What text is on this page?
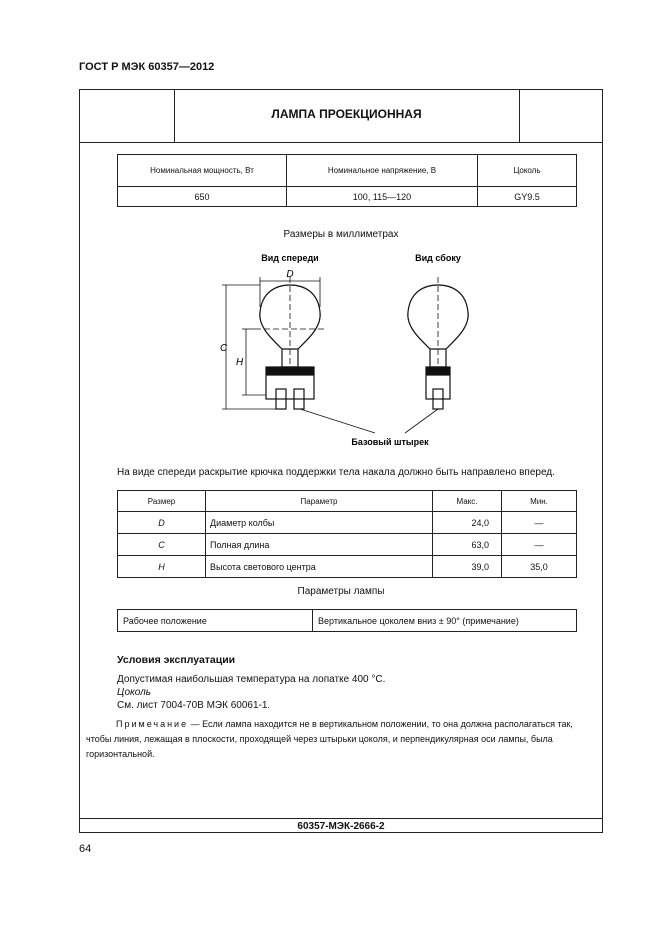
ГОСТ Р МЭК 60357—2012
ЛАМПА ПРОЕКЦИОННАЯ
Номинальная мощность, Вт	Номинальное напряжение, В	Цоколь
650	100, 115—120	GY9.5
Размеры в миллиметрах
Вид спереди	Вид сбоку
D
C
H
Базовый штырек
На виде спереди раскрытие крючка поддержки тела накала должно быть направлено вперед.
Размер	Параметр	Макс.	Мин.
D	Диаметр колбы	24,0	—
C	Полная длина	63,0	—
H	Высота светового центра	39,0	35,0
Параметры лампы
Рабочее положение	Вертикальное цоколем вниз ± 90° (примечание)
Условия эксплуатации
Допустимая наибольшая температура на лопатке 400 °С.
Цоколь
См. лист 7004-70В МЭК 60061-1.
Примечание — Если лампа находится не в вертикальном положении, то она должна располагаться так, чтобы линия, лежащая в плоскости, проходящей через штырьки цоколя, и перпендикулярная оси лампы, была горизонтальной.
60357-МЭК-2666-2
64
